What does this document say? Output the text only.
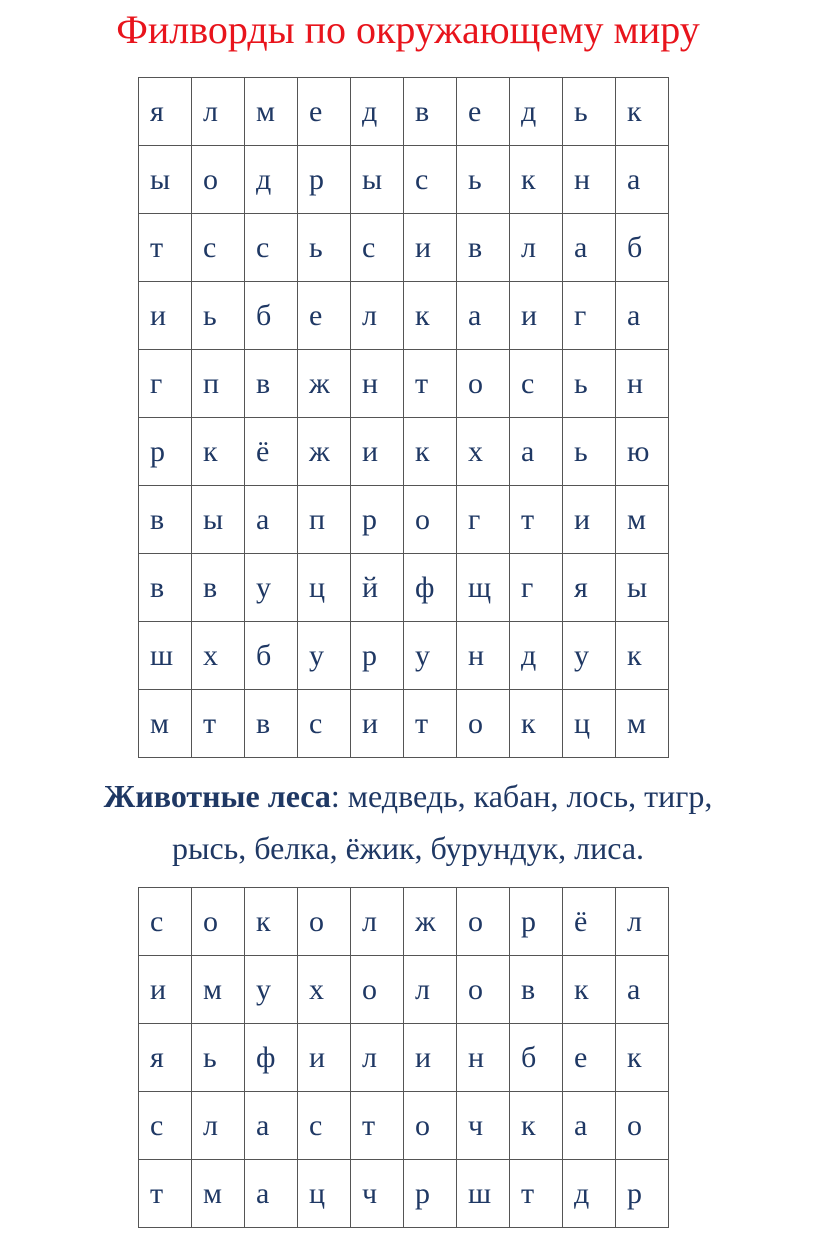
Филворды по окружающему миру
я	л	м	е	д	в	е	д	ь	к
ы	о	д	р	ы	с	ь	к	н	а
т	с	с	ь	с	и	в	л	а	б
и	ь	б	е	л	к	а	и	г	а
г	п	в	ж	н	т	о	с	ь	н
р	к	ё	ж	и	к	х	а	ь	ю
в	ы	а	п	р	о	г	т	и	м
в	в	у	ц	й	ф	щ	г	я	ы
ш	х	б	у	р	у	н	д	у	к
м	т	в	с	и	т	о	к	ц	м
Животные леса: медведь, кабан, лось, тигр,
рысь, белка, ёжик, бурундук, лиса.
с	о	к	о	л	ж	о	р	ё	л
и	м	у	х	о	л	о	в	к	а
я	ь	ф	и	л	и	н	б	е	к
с	л	а	с	т	о	ч	к	а	о
т	м	а	ц	ч	р	ш	т	д	р
